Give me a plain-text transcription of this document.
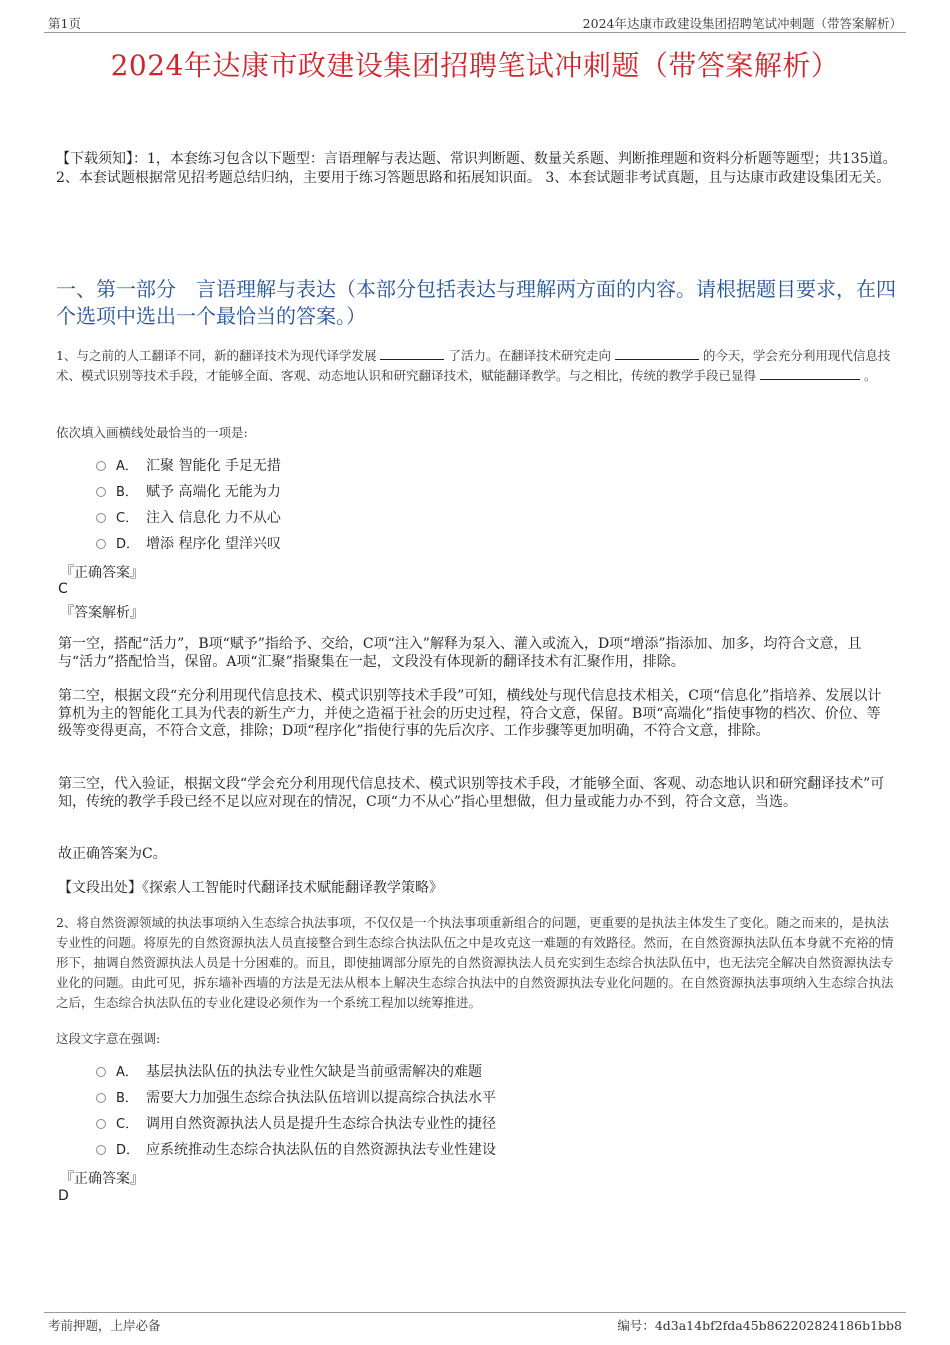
第1页	2024年达康市政建设集团招聘笔试冲刺题（带答案解析）
2024年达康市政建设集团招聘笔试冲刺题（带答案解析）
【下载须知】：1，本套练习包含以下题型：言语理解与表达题、常识判断题、数量关系题、判断推理题和资料分析题等题型；共135道。 2、本套试题根据常见招考题总结归纳，主要用于练习答题思路和拓展知识面。 3、本套试题非考试真题，且与达康市政建设集团无关。
一、第一部分　言语理解与表达（本部分包括表达与理解两方面的内容。请根据题目要求，在四个选项中选出一个最恰当的答案。）
1、与之前的人工翻译不同，新的翻译技术为现代译学发展	了活力。在翻译技术研究走向	的今天，学会充分利用现代信息技术、模式识别等技术手段，才能够全面、客观、动态地认识和研究翻译技术，赋能翻译教学。与之相比，传统的教学手段已显得	。
依次填入画横线处最恰当的一项是:
A． 汇聚 智能化 手足无措
B． 赋予 高端化 无能为力
C． 注入 信息化 力不从心
D． 增添 程序化 望洋兴叹
『正确答案』
C
『答案解析』
第一空，搭配“活力”，B项“赋予”指给予、交给，C项“注入”解释为泵入、灌入或流入，D项“增添”指添加、加多，均符合文意，且与“活力”搭配恰当，保留。A项“汇聚”指聚集在一起，文段没有体现新的翻译技术有汇聚作用，排除。
第二空，根据文段“充分利用现代信息技术、模式识别等技术手段”可知，横线处与现代信息技术相关，C项“信息化”指培养、发展以计算机为主的智能化工具为代表的新生产力，并使之造福于社会的历史过程，符合文意，保留。B项“高端化”指使事物的档次、价位、等级等变得更高，不符合文意，排除；D项“程序化”指使行事的先后次序、工作步骤等更加明确，不符合文意，排除。
第三空，代入验证，根据文段“学会充分利用现代信息技术、模式识别等技术手段，才能够全面、客观、动态地认识和研究翻译技术”可知，传统的教学手段已经不足以应对现在的情况，C项“力不从心”指心里想做，但力量或能力办不到，符合文意，当选。
故正确答案为C。
【文段出处】《探索人工智能时代翻译技术赋能翻译教学策略》
2、将自然资源领域的执法事项纳入生态综合执法事项，不仅仅是一个执法事项重新组合的问题，更重要的是执法主体发生了变化。随之而来的，是执法专业性的问题。将原先的自然资源执法人员直接整合到生态综合执法队伍之中是攻克这一难题的有效路径。然而，在自然资源执法队伍本身就不充裕的情形下，抽调自然资源执法人员是十分困难的。而且，即使抽调部分原先的自然资源执法人员充实到生态综合执法队伍中，也无法完全解决自然资源执法专业化的问题。由此可见，拆东墙补西墙的方法是无法从根本上解决生态综合执法中的自然资源执法专业化问题的。在自然资源执法事项纳入生态综合执法之后，生态综合执法队伍的专业化建设必须作为一个系统工程加以统筹推进。
这段文字意在强调:
A． 基层执法队伍的执法专业性欠缺是当前亟需解决的难题
B． 需要大力加强生态综合执法队伍培训以提高综合执法水平
C． 调用自然资源执法人员是提升生态综合执法专业性的捷径
D． 应系统推动生态综合执法队伍的自然资源执法专业性建设
『正确答案』
D
考前押题，上岸必备	编号：4d3a14bf2fda45b862202824186b1bb8
